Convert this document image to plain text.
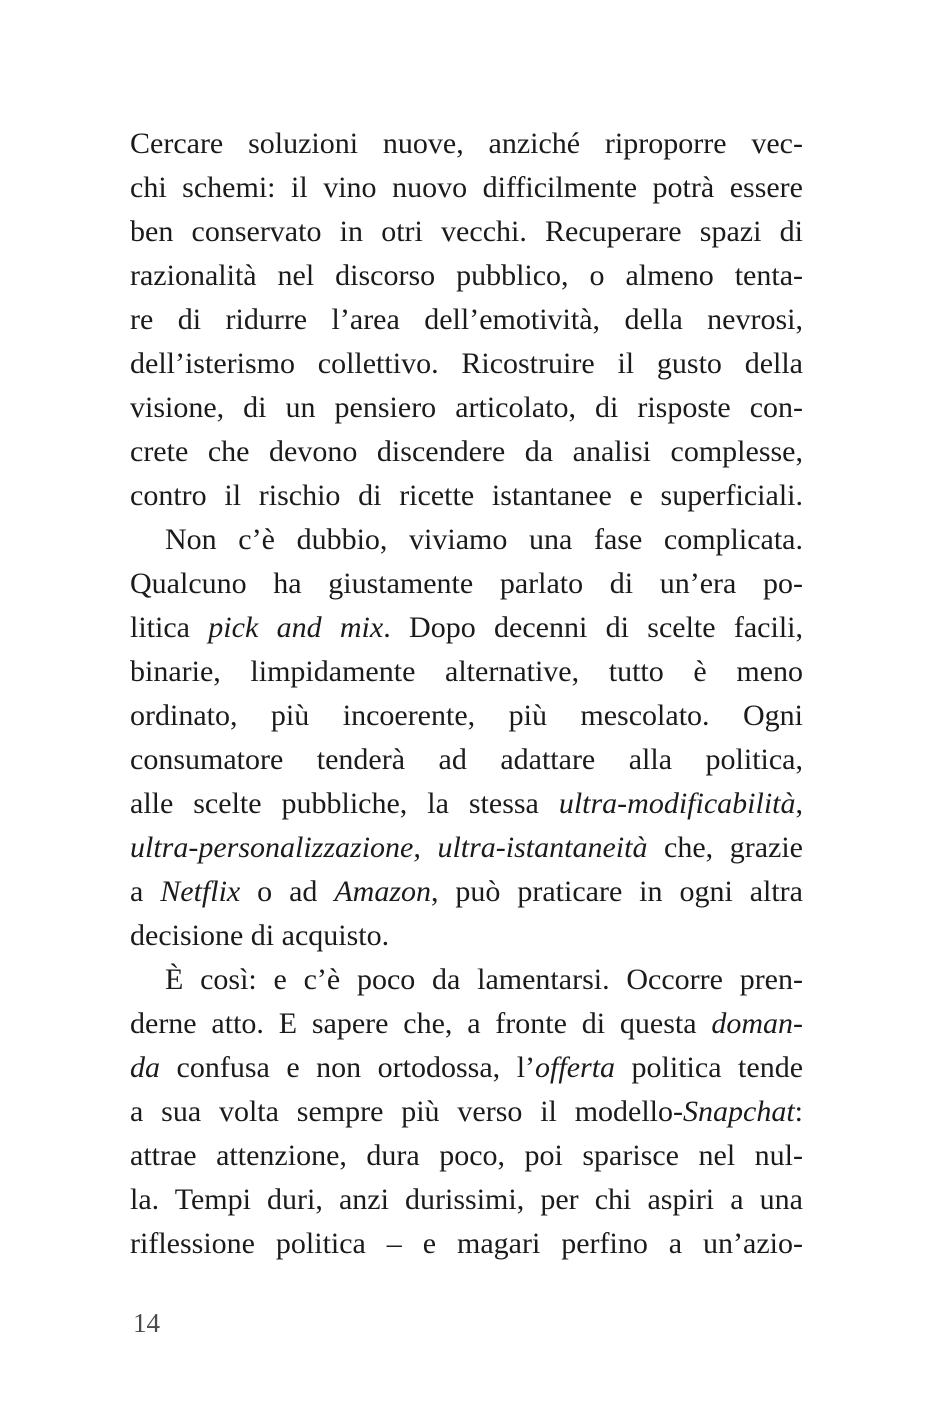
Cercare soluzioni nuove, anziché riproporre vec-
chi schemi: il vino nuovo difficilmente potrà essere
ben conservato in otri vecchi. Recuperare spazi di
razionalità nel discorso pubblico, o almeno tenta-
re di ridurre l’area dell’emotività, della nevrosi,
dell’isterismo collettivo. Ricostruire il gusto della
visione, di un pensiero articolato, di risposte con-
crete che devono discendere da analisi complesse,
contro il rischio di ricette istantanee e superficiali.
Non c’è dubbio, viviamo una fase complicata.
Qualcuno ha giustamente parlato di un’era po-
litica pick and mix. Dopo decenni di scelte facili,
binarie, limpidamente alternative, tutto è meno
ordinato, più incoerente, più mescolato. Ogni
consumatore tenderà ad adattare alla politica,
alle scelte pubbliche, la stessa ultra-modificabilità,
ultra-personalizzazione, ultra-istantaneità che, grazie
a Netflix o ad Amazon, può praticare in ogni altra
decisione di acquisto.
È così: e c’è poco da lamentarsi. Occorre pren-
derne atto. E sapere che, a fronte di questa doman-
da confusa e non ortodossa, l’offerta politica tende
a sua volta sempre più verso il modello-Snapchat:
attrae attenzione, dura poco, poi sparisce nel nul-
la. Tempi duri, anzi durissimi, per chi aspiri a una
riflessione politica – e magari perfino a un’azio-
14
